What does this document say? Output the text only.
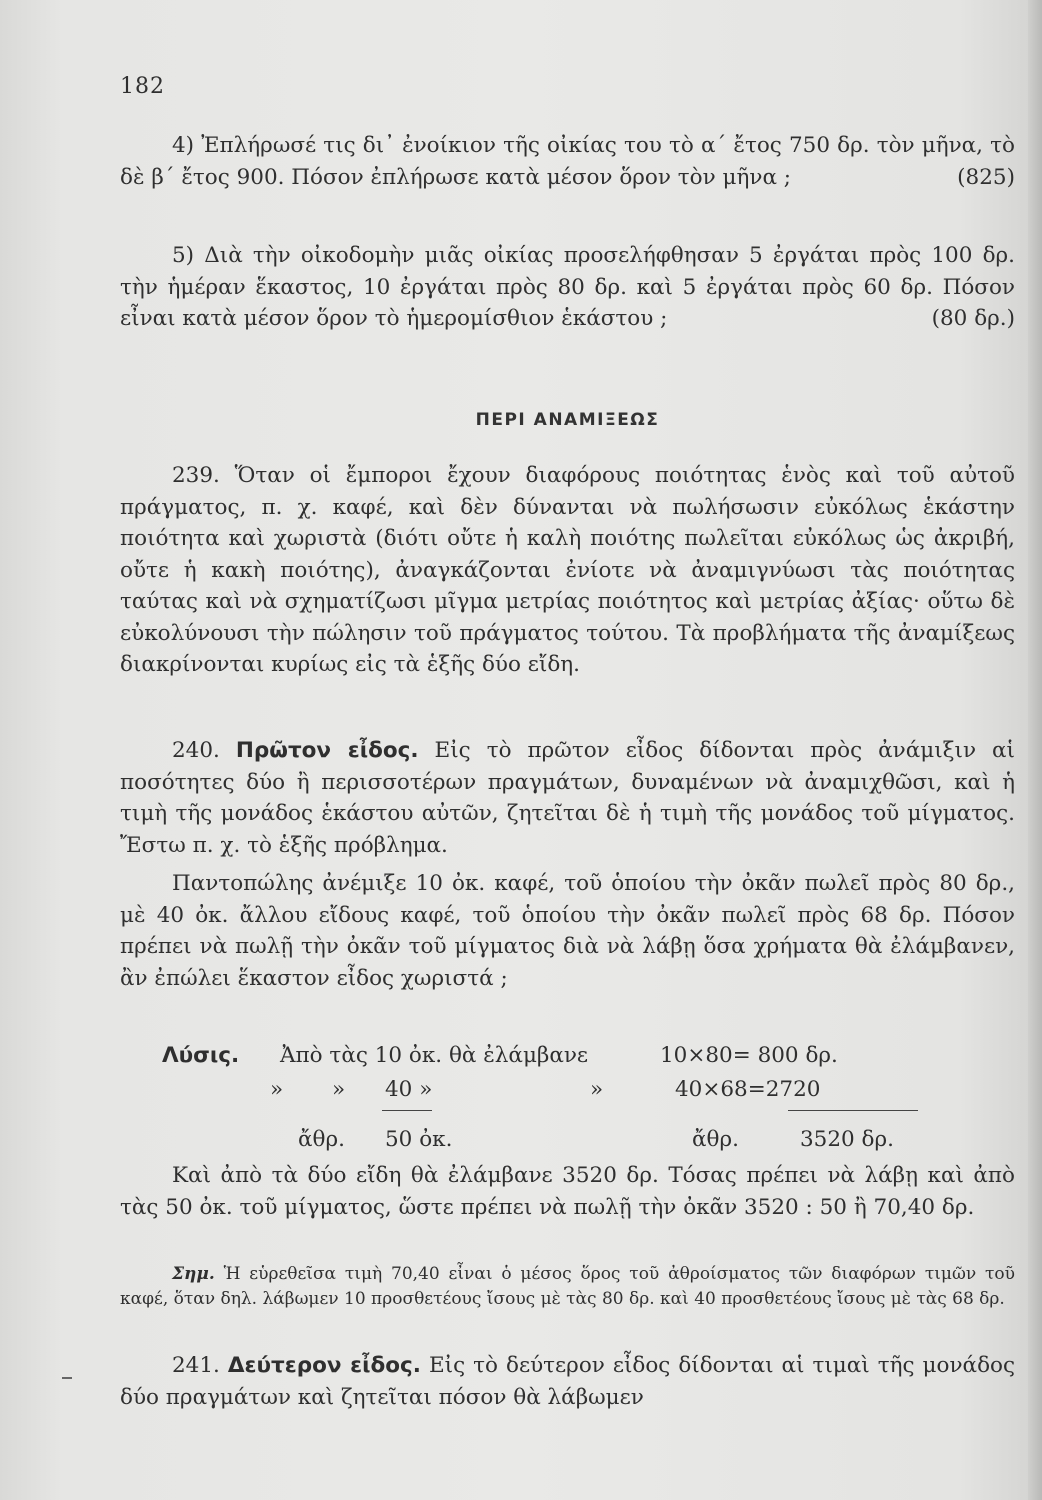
182

4) Ἐπλήρωσέ τις δι᾿ ἐνοίκιον τῆς οἰκίας του τὸ α΄ ἔτος 750 δρ. τὸν μῆνα, τὸ δὲ β΄ ἔτος 900. Πόσον ἐπλήρωσε κατὰ μέσον ὅρον τὸν μῆνα ;	(825)

5) Διὰ τὴν οἰκοδομὴν μιᾶς οἰκίας προσελήφθησαν 5 ἐργάται πρὸς 100 δρ. τὴν ἡμέραν ἕκαστος, 10 ἐργάται πρὸς 80 δρ. καὶ 5 ἐργάται πρὸς 60 δρ. Πόσον εἶναι κατὰ μέσον ὅρον τὸ ἡμερομίσθιον ἑκάστου ;	(80 δρ.)

ΠΕΡΙ ΑΝΑΜΙΞΕΩΣ

239. Ὅταν οἱ ἔμποροι ἔχουν διαφόρους ποιότητας ἑνὸς καὶ τοῦ αὐτοῦ πράγματος, π. χ. καφέ, καὶ δὲν δύνανται νὰ πωλήσωσιν εὐκόλως ἑκάστην ποιότητα καὶ χωριστὰ (διότι οὔτε ἡ καλὴ ποιότης πωλεῖται εὐκόλως ὡς ἀκριβή, οὔτε ἡ κακὴ ποιότης), ἀναγκάζονται ἐνίοτε νὰ ἀναμιγνύωσι τὰς ποιότητας ταύτας καὶ νὰ σχηματίζωσι μῖγμα μετρίας ποιότητος καὶ μετρίας ἀξίας· οὕτω δὲ εὐκολύνουσι τὴν πώλησιν τοῦ πράγματος τούτου. Τὰ προβλήματα τῆς ἀναμίξεως διακρίνονται κυρίως εἰς τὰ ἑξῆς δύο εἴδη.

240. Πρῶτον εἶδος. Εἰς τὸ πρῶτον εἶδος δίδονται πρὸς ἀνάμιξιν αἱ ποσότητες δύο ἢ περισσοτέρων πραγμάτων, δυναμένων νὰ ἀναμιχθῶσι, καὶ ἡ τιμὴ τῆς μονάδος ἑκάστου αὐτῶν, ζητεῖται δὲ ἡ τιμὴ τῆς μονάδος τοῦ μίγματος. Ἔστω π. χ. τὸ ἑξῆς πρόβλημα.

Παντοπώλης ἀνέμιξε 10 ὀκ. καφέ, τοῦ ὁποίου τὴν ὀκᾶν πωλεῖ πρὸς 80 δρ., μὲ 40 ὀκ. ἄλλου εἴδους καφέ, τοῦ ὁποίου τὴν ὀκᾶν πωλεῖ πρὸς 68 δρ. Πόσον πρέπει νὰ πωλῇ τὴν ὀκᾶν τοῦ μίγματος διὰ νὰ λάβῃ ὅσα χρήματα θὰ ἐλάμβανεν, ἂν ἐπώλει ἕκαστον εἶδος χωριστά ;

Λύσις. Ἀπὸ τὰς 10 ὀκ. θὰ ἐλάμβανε	10×80= 800 δρ.
» » 40 »	»	40×68=2720
ἄθρ. 50 ὀκ.	ἄθρ.	3520 δρ.

Καὶ ἀπὸ τὰ δύο εἴδη θὰ ἐλάμβανε 3520 δρ. Τόσας πρέπει νὰ λάβῃ καὶ ἀπὸ τὰς 50 ὀκ. τοῦ μίγματος, ὥστε πρέπει νὰ πωλῇ τὴν ὀκᾶν 3520 : 50 ἢ 70,40 δρ.

Σημ. Ἡ εὑρεθεῖσα τιμὴ 70,40 εἶναι ὁ μέσος ὅρος τοῦ ἀθροίσματος τῶν διαφόρων τιμῶν τοῦ καφέ, ὅταν δηλ. λάβωμεν 10 προσθετέους ἴσους μὲ τὰς 80 δρ. καὶ 40 προσθετέους ἴσους μὲ τὰς 68 δρ.

241. Δεύτερον εἶδος. Εἰς τὸ δεύτερον εἶδος δίδονται αἱ τιμαὶ τῆς μονάδος δύο πραγμάτων καὶ ζητεῖται πόσον θὰ λάβωμεν
